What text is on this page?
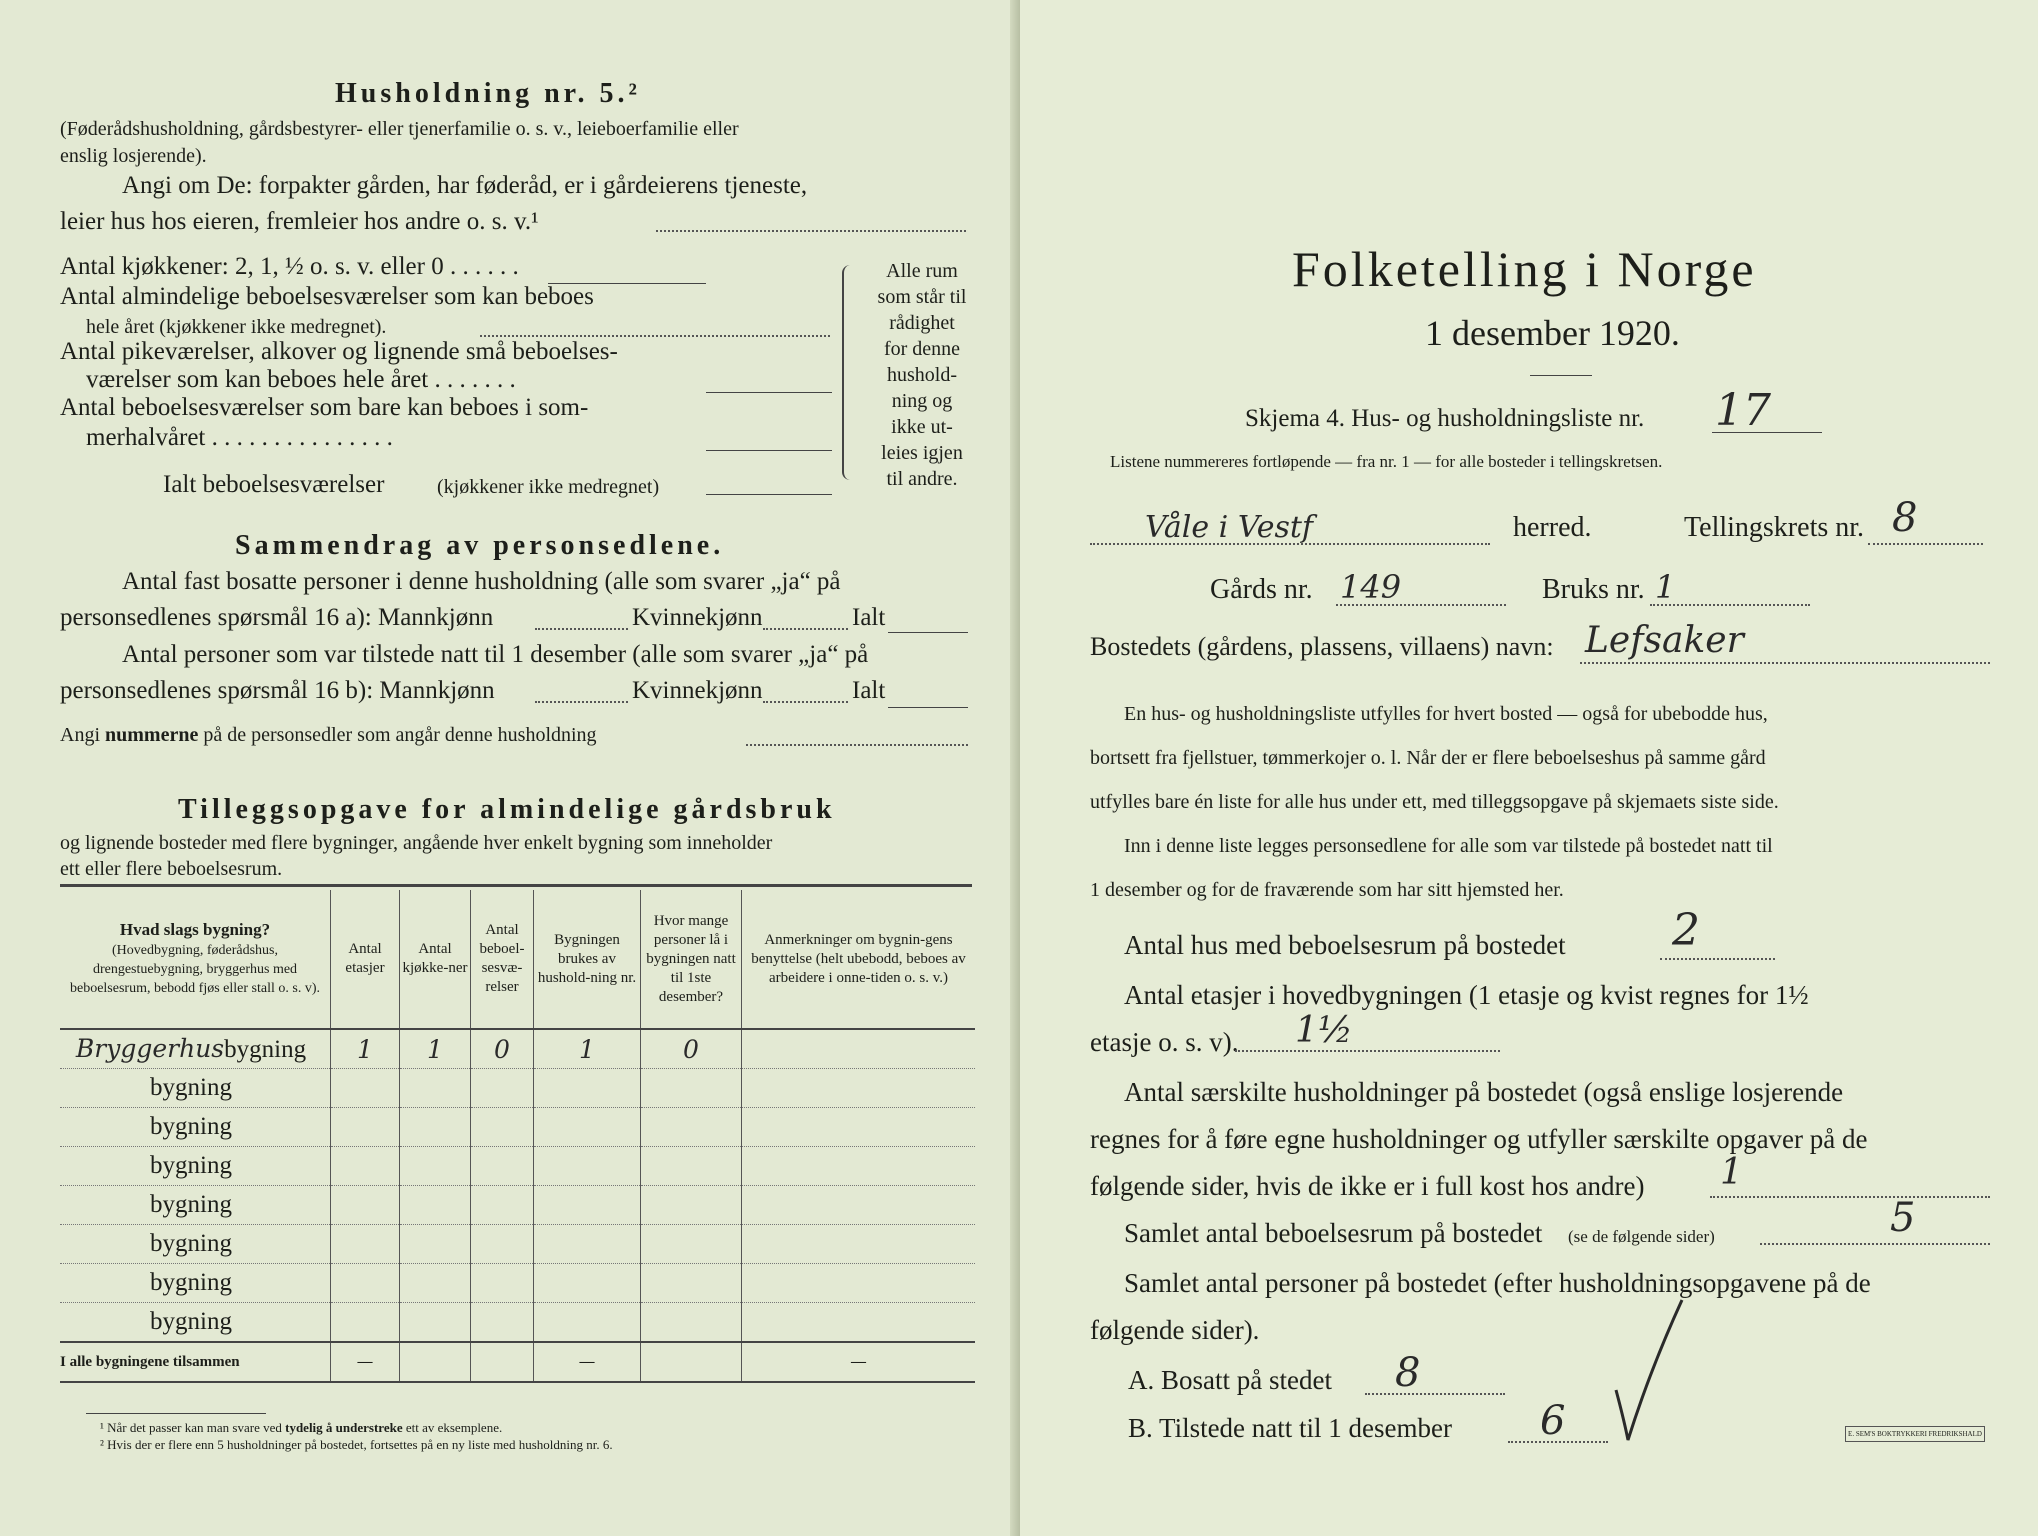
Husholdning nr. 5.²
(Føderådshusholdning, gårdsbestyrer- eller tjenerfamilie o. s. v., leieboerfamilie eller
enslig losjerende).
Angi om De: forpakter gården, har føderåd, er i gårdeierens tjeneste,
leier hus hos eieren, fremleier hos andre o. s. v.¹
Antal kjøkkener: 2, 1, ½ o. s. v. eller 0 . . . . . .
Antal almindelige beboelsesværelser som kan beboes
hele året (kjøkkener ikke medregnet).
Antal pikeværelser, alkover og lignende små beboelses-
værelser som kan beboes hele året . . . . . . .
Antal beboelsesværelser som bare kan beboes i som-
merhalvåret . . . . . . . . . . . . . . .
Ialt beboelsesværelser	(kjøkkener ikke medregnet)
Alle rum
som står til
rådighet
for denne
hushold-
ning og
ikke ut-
leies igjen
til andre.
Sammendrag av personsedlene.
Antal fast bosatte personer i denne husholdning (alle som svarer „ja“ på
personsedlenes spørsmål 16 a): Mannkjønn	Kvinnekjønn	Ialt
Antal personer som var tilstede natt til 1 desember (alle som svarer „ja“ på
personsedlenes spørsmål 16 b): Mannkjønn	Kvinnekjønn	Ialt
Angi nummerne på de personsedler som angår denne husholdning
Tilleggsopgave for almindelige gårdsbruk
og lignende bosteder med flere bygninger, angående hver enkelt bygning som inneholder
ett eller flere beboelsesrum.
Hvad slags bygning?
(Hovedbygning, føderådshus, drengestuebygning, bryggerhus med beboelsesrum, bebodd fjøs eller stall o. s. v).	Antal etasjer	Antal kjøkke-ner	Antal beboel-sesvæ-relser	Bygningen brukes av hushold-ning nr.	Hvor mange personer lå i bygningen natt til 1ste desember?	Anmerkninger om bygnin-gens benyttelse (helt ubebodd, beboes av arbeidere i onne-tiden o. s. v.)
Bryggerhusbygning	1	1	0	1	0	
bygning						
bygning						
bygning						
bygning						
bygning						
bygning						
bygning						
I alle bygningene tilsammen	—			—		—
¹ Når det passer kan man svare ved tydelig å understreke ett av eksemplene.
² Hvis der er flere enn 5 husholdninger på bostedet, fortsettes på en ny liste med husholdning nr. 6.
Folketelling i Norge
1 desember 1920.
Skjema 4. Hus- og husholdningsliste nr. 17
Listene nummereres fortløpende — fra nr. 1 — for alle bosteder i tellingskretsen.
Våle i Vestf	herred.	Tellingskrets nr. 8
Gårds nr. 149	Bruks nr. 1
Bostedets (gårdens, plassens, villaens) navn: Lefsaker
En hus- og husholdningsliste utfylles for hvert bosted — også for ubebodde hus,
bortsett fra fjellstuer, tømmerkojer o. l. Når der er flere beboelseshus på samme gård
utfylles bare én liste for alle hus under ett, med tilleggsopgave på skjemaets siste side.
Inn i denne liste legges personsedlene for alle som var tilstede på bostedet natt til
1 desember og for de fraværende som har sitt hjemsted her.
Antal hus med beboelsesrum på bostedet 2
Antal etasjer i hovedbygningen (1 etasje og kvist regnes for 1½
etasje o. s. v). 1½
Antal særskilte husholdninger på bostedet (også enslige losjerende
regnes for å føre egne husholdninger og utfyller særskilte opgaver på de
følgende sider, hvis de ikke er i full kost hos andre) 1
Samlet antal beboelsesrum på bostedet (se de følgende sider)	5
Samlet antal personer på bostedet (efter husholdningsopgavene på de
følgende sider).
A. Bosatt på stedet 8
B. Tilstede natt til 1 desember 6	E. SEM'S BOKTRYKKERI FREDRIKSHALD
